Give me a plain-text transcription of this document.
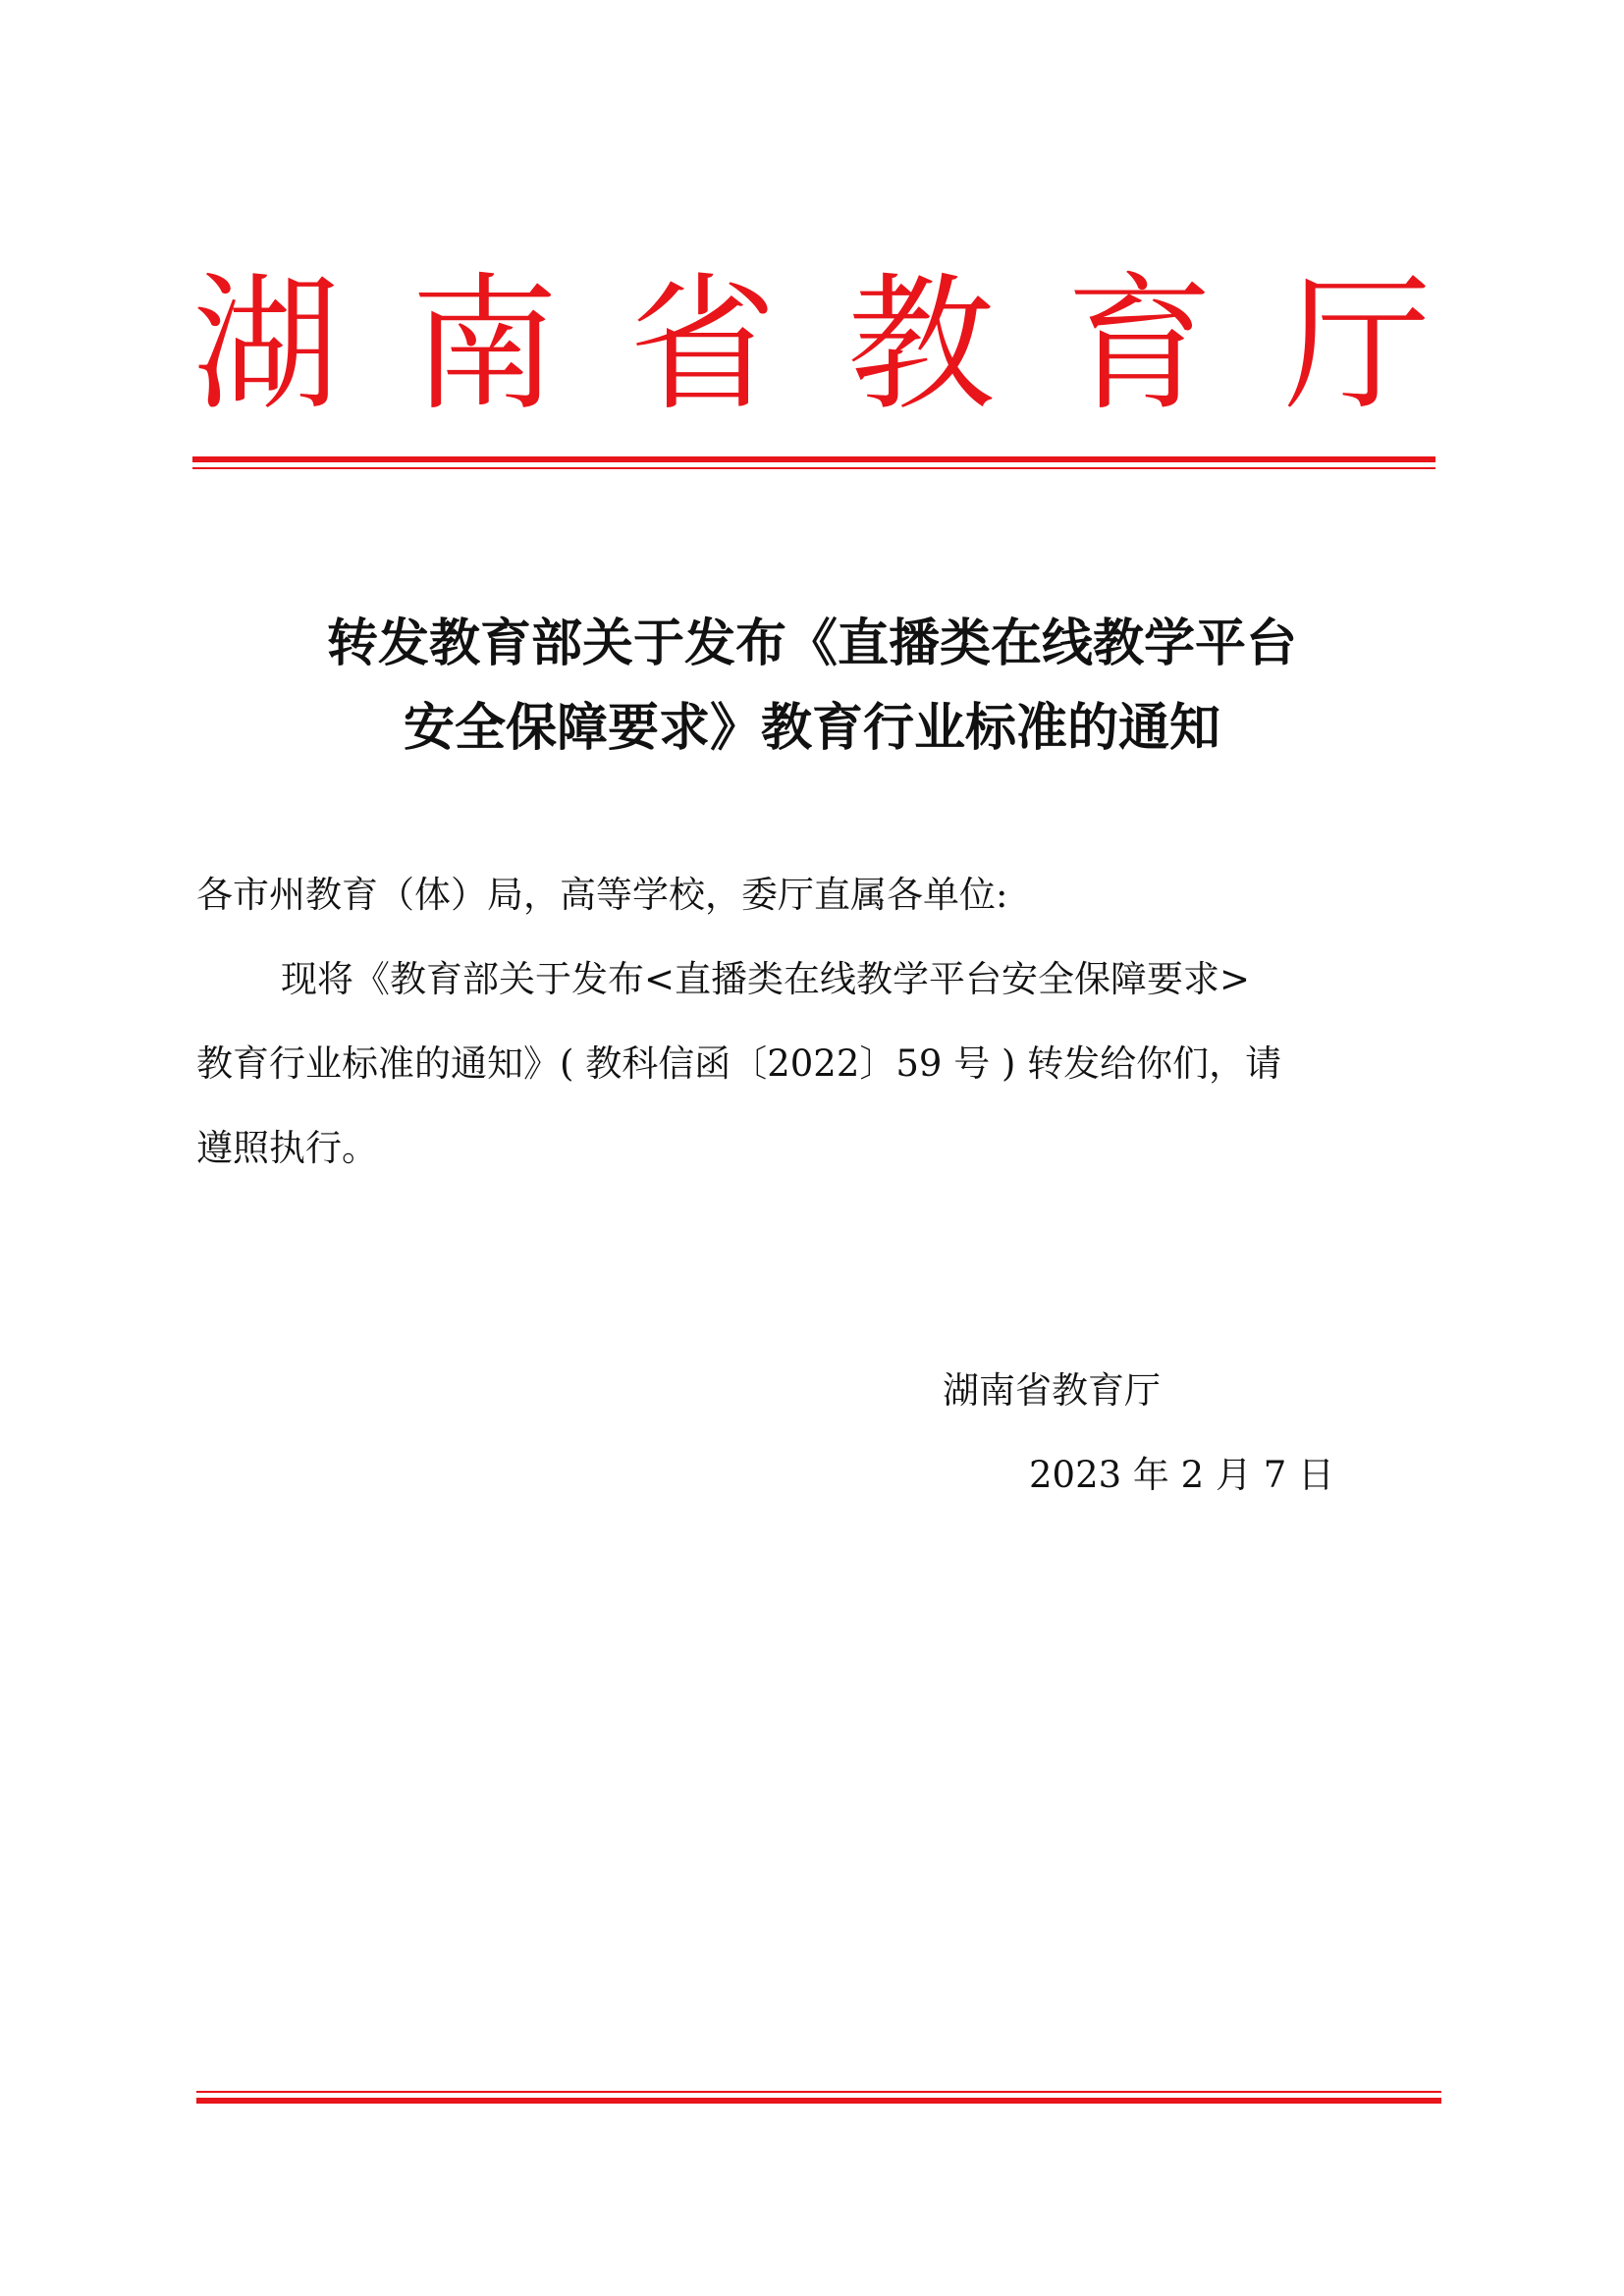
湖 南 省 教 育 厅
转发教育部关于发布《直播类在线教学平台
安全保障要求》教育行业标准的通知
各市州教育（体）局，高等学校，委厅直属各单位:
现将《教育部关于发布<直播类在线教学平台安全保障要求>
教育行业标准的通知》( 教科信函〔2022〕59 号 ) 转发给你们，请
遵照执行。
湖南省教育厅
2023 年 2 月 7 日
